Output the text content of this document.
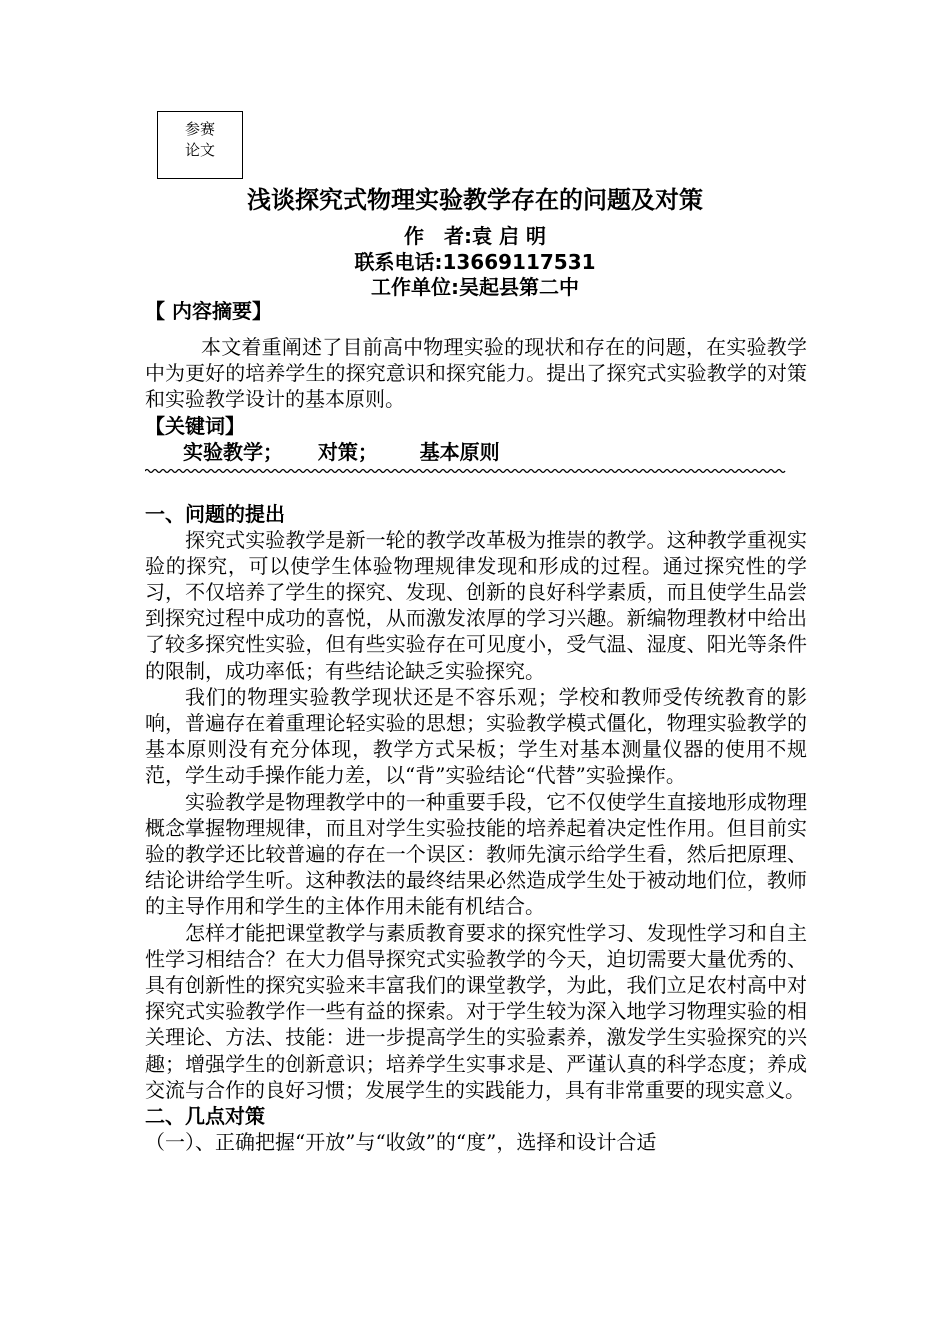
参赛
论文
浅谈探究式物理实验教学存在的问题及对策
作　者:袁 启 明
联系电话:13669117531
工作单位:吴起县第二中

【 内容摘要】

本文着重阐述了目前高中物理实验的现状和存在的问题，在实验教学中为更好的培养学生的探究意识和探究能力。提出了探究式实验教学的对策和实验教学设计的基本原则。

【关键词】

实验教学；     对策；      基本原则

一、问题的提出

探究式实验教学是新一轮的教学改革极为推崇的教学。这种教学重视实验的探究，可以使学生体验物理规律发现和形成的过程。通过探究性的学习，不仅培养了学生的探究、发现、创新的良好科学素质，而且使学生品尝到探究过程中成功的喜悦，从而激发浓厚的学习兴趣。新编物理教材中给出了较多探究性实验，但有些实验存在可见度小，受气温、湿度、阳光等条件的限制，成功率低；有些结论缺乏实验探究。

我们的物理实验教学现状还是不容乐观；学校和教师受传统教育的影响，普遍存在着重理论轻实验的思想；实验教学模式僵化，物理实验教学的基本原则没有充分体现，教学方式呆板；学生对基本测量仪器的使用不规范，学生动手操作能力差，以“背”实验结论“代替”实验操作。

实验教学是物理教学中的一种重要手段，它不仅使学生直接地形成物理概念掌握物理规律，而且对学生实验技能的培养起着决定性作用。但目前实验的教学还比较普遍的存在一个误区：教师先演示给学生看，然后把原理、结论讲给学生听。这种教法的最终结果必然造成学生处于被动地们位，教师的主导作用和学生的主体作用未能有机结合。

怎样才能把课堂教学与素质教育要求的探究性学习、发现性学习和自主性学习相结合？在大力倡导探究式实验教学的今天，迫切需要大量优秀的、具有创新性的探究实验来丰富我们的课堂教学，为此，我们立足农村高中对探究式实验教学作一些有益的探索。对于学生较为深入地学习物理实验的相关理论、方法、技能：进一步提高学生的实验素养，激发学生实验探究的兴趣；增强学生的创新意识；培养学生实事求是、严谨认真的科学态度；养成交流与合作的良好习惯；发展学生的实践能力，具有非常重要的现实意义。

二、几点对策

（一）、正确把握“开放”与“收敛”的“度”，选择和设计合适
